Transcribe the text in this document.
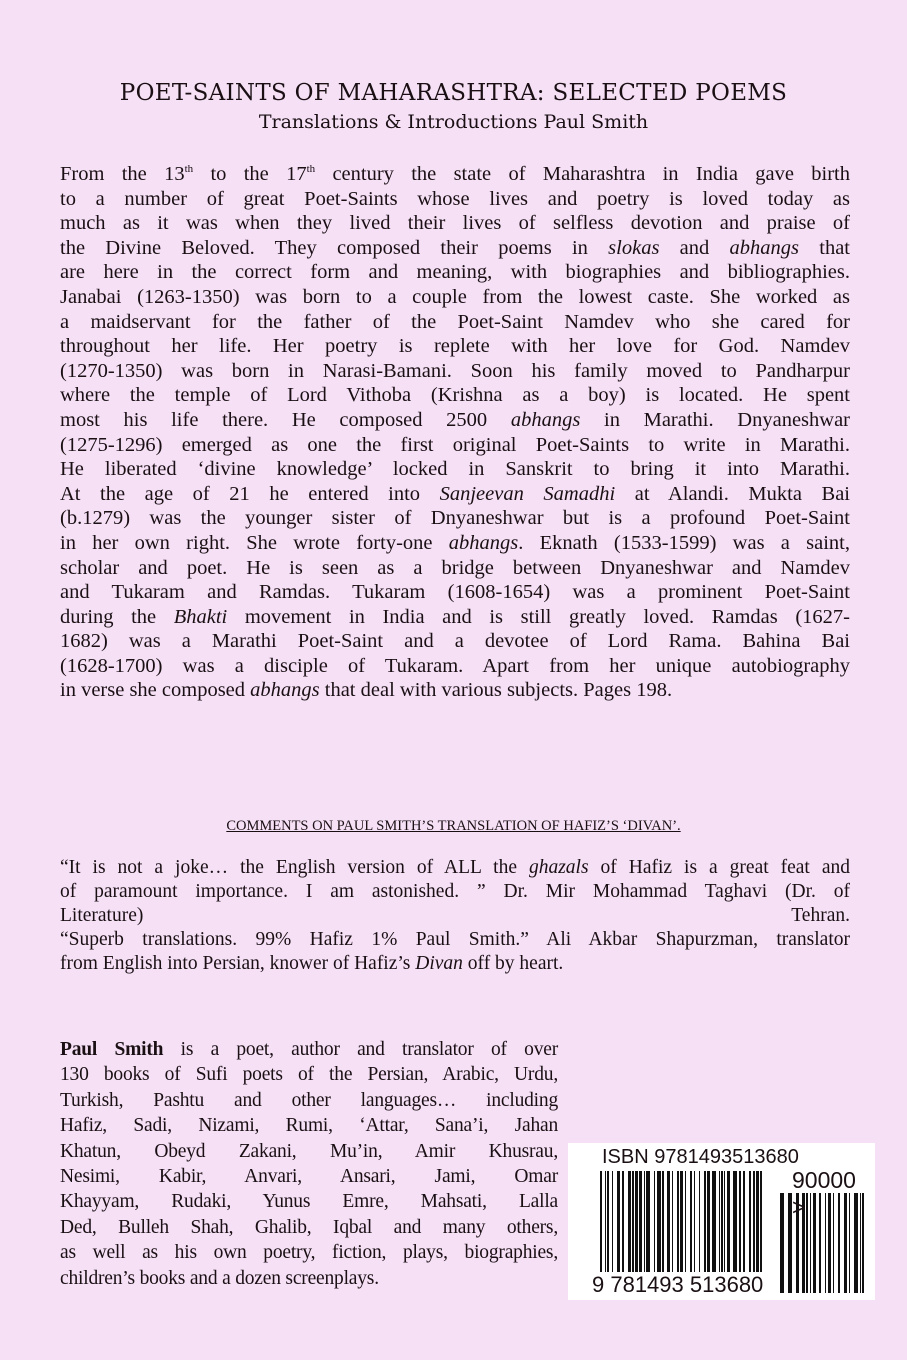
POET-SAINTS OF MAHARASHTRA: SELECTED POEMS
Translations & Introductions Paul Smith
From the 13th to the 17th century the state of Maharashtra in India gave birth
to a number of great Poet-Saints whose lives and poetry is loved today as
much as it was when they lived their lives of selfless devotion and praise of
the Divine Beloved. They composed their poems in slokas and abhangs that
are here in the correct form and meaning, with biographies and bibliographies.
Janabai (1263-1350) was born to a couple from the lowest caste. She worked as
a maidservant for the father of the Poet-Saint Namdev who she cared for
throughout her life. Her poetry is replete with her love for God. Namdev
(1270-1350) was born in Narasi-Bamani. Soon his family moved to Pandharpur
where the temple of Lord Vithoba (Krishna as a boy) is located. He spent
most his life there. He composed 2500 abhangs in Marathi. Dnyaneshwar
(1275-1296) emerged as one the first original Poet-Saints to write in Marathi.
He liberated ‘divine knowledge’ locked in Sanskrit to bring it into Marathi.
At the age of 21 he entered into Sanjeevan Samadhi at Alandi. Mukta Bai
(b.1279) was the younger sister of Dnyaneshwar but is a profound Poet-Saint
in her own right. She wrote forty-one abhangs. Eknath (1533-1599) was a saint,
scholar and poet. He is seen as a bridge between Dnyaneshwar and Namdev
and Tukaram and Ramdas. Tukaram (1608-1654) was a prominent Poet-Saint
during the Bhakti movement in India and is still greatly loved. Ramdas (1627-
1682) was a Marathi Poet-Saint and a devotee of Lord Rama. Bahina Bai
(1628-1700) was a disciple of Tukaram. Apart from her unique autobiography
in verse she composed abhangs that deal with various subjects. Pages 198.
COMMENTS ON PAUL SMITH’S TRANSLATION OF HAFIZ’S ‘DIVAN’.
“It is not a joke… the English version of ALL the ghazals of Hafiz is a great feat and
of paramount importance. I am astonished. ” Dr. Mir Mohammad Taghavi (Dr. of
Literature) Tehran.
“Superb translations. 99% Hafiz 1% Paul Smith.” Ali Akbar Shapurzman, translator
from English into Persian, knower of Hafiz’s Divan off by heart.
Paul Smith is a poet, author and translator of over
130 books of Sufi poets of the Persian, Arabic, Urdu,
Turkish, Pashtu and other languages… including
Hafiz, Sadi, Nizami, Rumi, ‘Attar, Sana’i, Jahan
Khatun, Obeyd Zakani, Mu’in, Amir Khusrau,
Nesimi, Kabir, Anvari, Ansari, Jami, Omar
Khayyam, Rudaki, Yunus Emre, Mahsati, Lalla
Ded, Bulleh Shah, Ghalib, Iqbal and many others,
as well as his own poetry, fiction, plays, biographies,
children’s books and a dozen screenplays.
ISBN 9781493513680
90000 >
9 781493 513680
